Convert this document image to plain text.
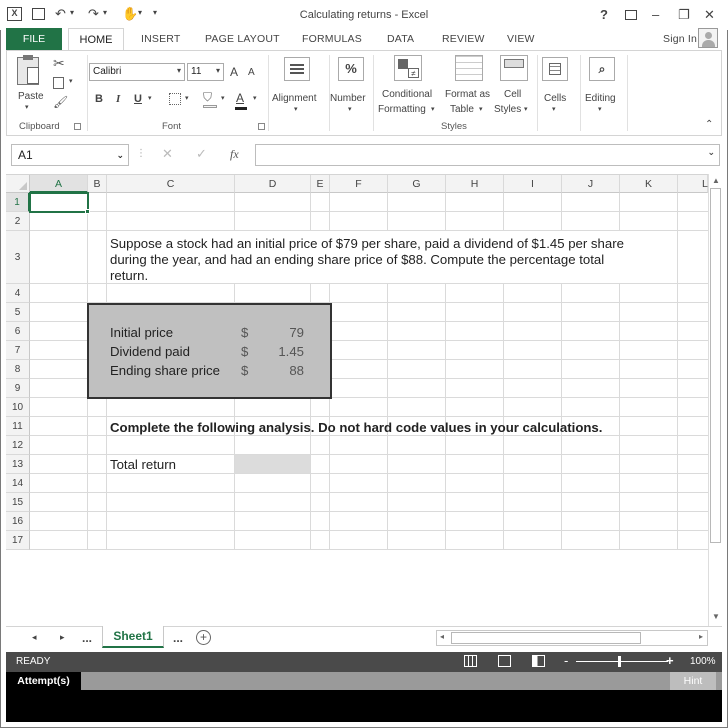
X	↶ ▾ ↷ ▾ ✋ ▾ ▾	Calculating returns - Excel	?	– ❐ ✕
FILE	HOME	INSERT PAGE LAYOUT FORMULAS DATA	REVIEW VIEW	Sign In
Paste
▾
✂
▾
🖌
Clipboard
Calibri	▾ 11 ▾ A A
B I U ▾	▾ ⛉ ▾ A ▾
Font
Alignment
▾
%
Number
▾
≠
Conditional
Formatting ▾
Format as
Table ▾
Cell
Styles ▾
Styles
Cells
▾
⌕
Editing
▾
⌃
A1	⌄ ⋮ ✕ ✓ fx	⌄
A	B	C	D	E	F	G	H	I	J	K	L
1
2
3
4
5
6
7
8
9
10
11
12
13
14
15
16
17
Suppose a stock had an initial price of $79 per share, paid a dividend of $1.45 per share
during the year, and had an ending share price of $88. Compute the percentage total
return.
Initial price	$	79
Dividend paid	$	1.45
Ending share price $	88
Complete the following analysis. Do not hard code values in your calculations.
Total return
▲
▼
◂	▸ ...	Sheet1	...	+	◂	▸
READY	-	+ 100%
Attempt(s)	Hint
